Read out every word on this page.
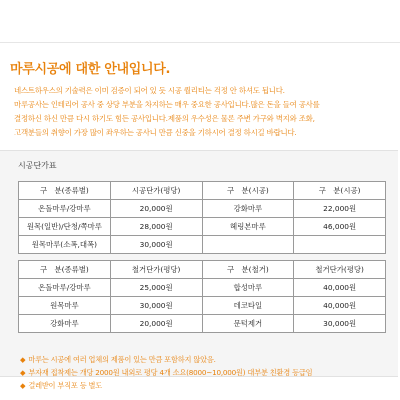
마루시공에 대한 안내입니다.
네스트하우스의 기술력은 이미 검증이 되어 있 듯 시공 퀄리티는 걱정 안 하셔도 됩니다.
마루공사는 인테리어 공사 중 상당 부분을 차지하는 매우 중요한 공사입니다.많은 돈을 들여 공사를
결정하신 하신 만큼 다시 하기도 힘든 공사입니다.제품의 우수성은 물론 주변 가구와 벽지와 조화,
고객분들의 취향이 가장 많이 좌우하는 공사니 만큼 신중을 기하시어 결정 하시길 바랍니다.
시공단가표
구　분(종류별)	시공단가(평당)	구　분(시공)	구　분(시공)
온돌마루/강마루	20,000원	강화마루	22,000원
원목(일반)/단청/쪽마루	28,000원	헤링본마루	46,000원
원목마루(소폭,대폭)	30,000원		
구　분(종류별)	철거단가(평당)	구　분(철거)	철거단가(평당)
온돌마루/강마루	25,000원	합성마루	40,000원
원목마루	30,000원	데코타일	40,000원
강화마루	20,000원	문턱제거	30,000원
◆ 마루는 시공에 여러 업체의 제품이 있는 만큼 포함하지 않았음.
◆ 부자재 접착제는 개당 2000원 내외로 평당 4개 소요(8000~10,000원) 대부분 친환경 등급임
◆ 걸레받이 부직포 등 별도
